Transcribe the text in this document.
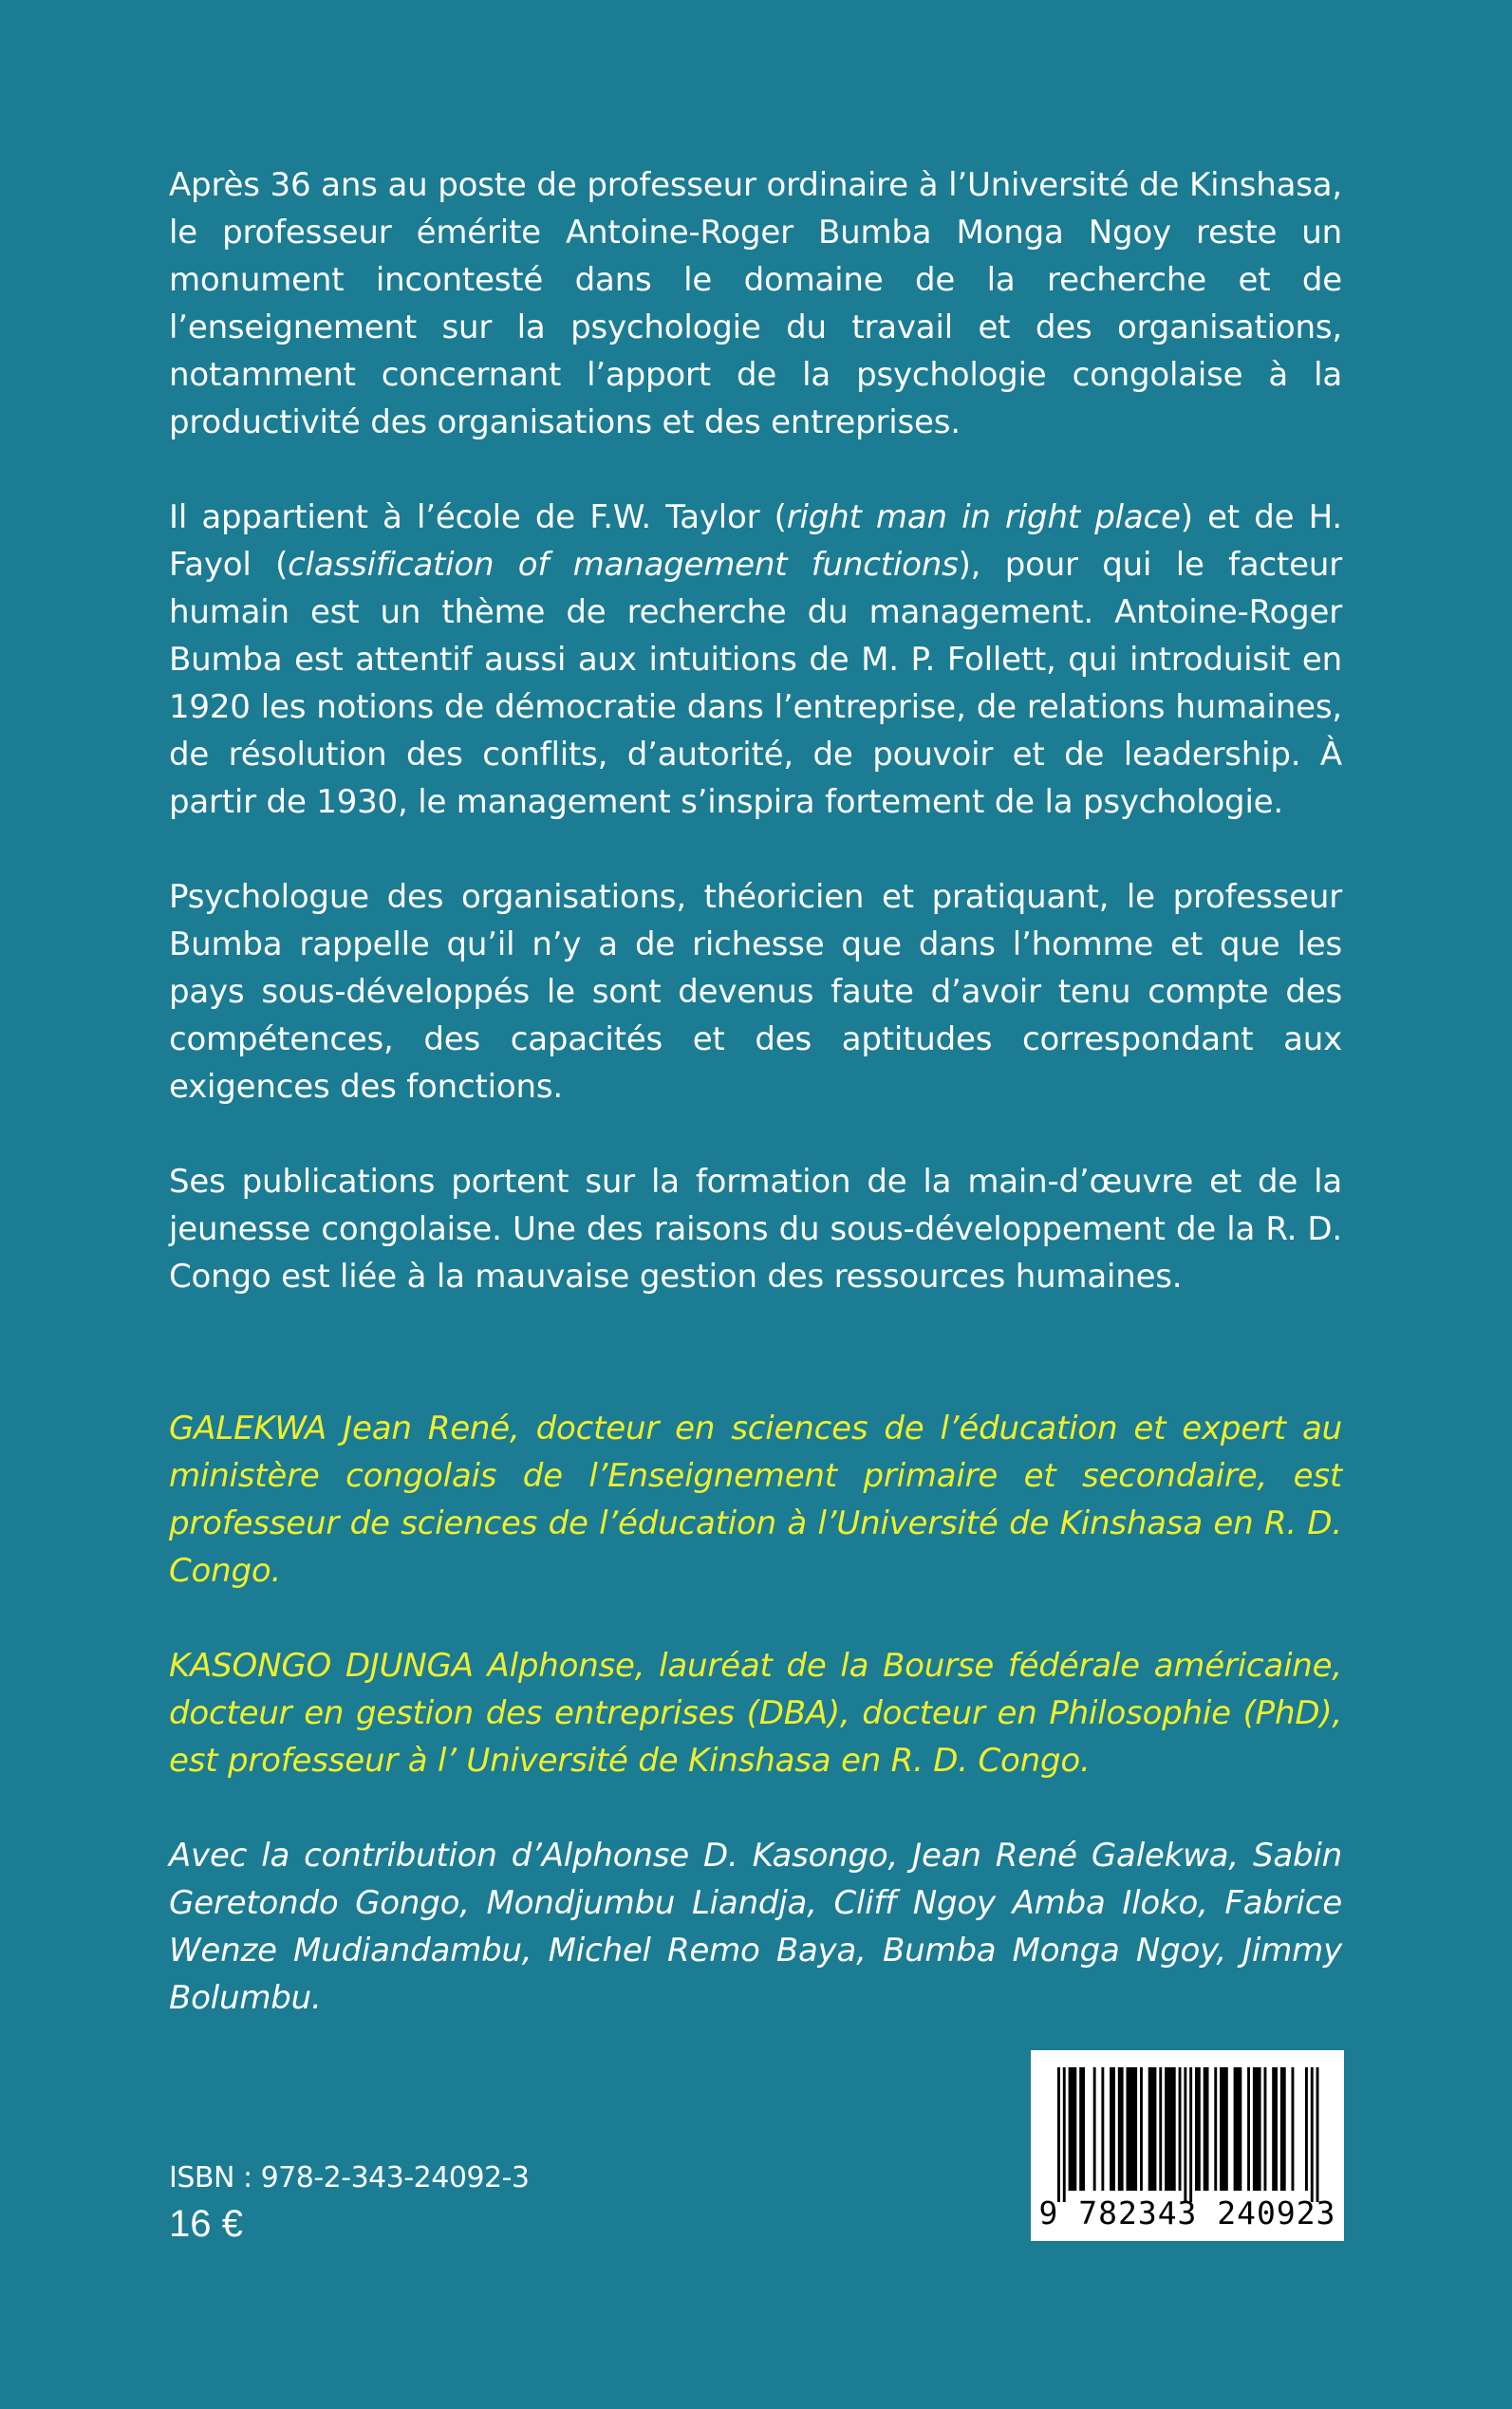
Après 36 ans au poste de professeur ordinaire à l’Université de Kinshasa, le professeur émérite Antoine-Roger Bumba Monga Ngoy reste un monument incontesté dans le domaine de la recherche et de l’enseignement sur la psychologie du travail et des organisations, notamment concernant l’apport de la psychologie congolaise à la productivité des organisations et des entreprises.

Il appartient à l’école de F.W. Taylor (right man in right place) et de H. Fayol (classification of management functions), pour qui le facteur humain est un thème de recherche du management. Antoine-Roger Bumba est attentif aussi aux intuitions de M. P. Follett, qui introduisit en 1920 les notions de démocratie dans l’entreprise, de relations humaines, de résolution des conflits, d’autorité, de pouvoir et de leadership. À partir de 1930, le management s’inspira fortement de la psychologie.

Psychologue des organisations, théoricien et pratiquant, le professeur Bumba rappelle qu’il n’y a de richesse que dans l’homme et que les pays sous-développés le sont devenus faute d’avoir tenu compte des compétences, des capacités et des aptitudes correspondant aux exigences des fonctions.

Ses publications portent sur la formation de la main-d’œuvre et de la jeunesse congolaise. Une des raisons du sous-développement de la R. D. Congo est liée à la mauvaise gestion des ressources humaines.

GALEKWA Jean René, docteur en sciences de l’éducation et expert au ministère congolais de l’Enseignement primaire et secondaire, est professeur de sciences de l’éducation à l’Université de Kinshasa en R. D. Congo.

KASONGO DJUNGA Alphonse, lauréat de la Bourse fédérale américaine, docteur en gestion des entreprises (DBA), docteur en Philosophie (PhD), est professeur à l’ Université de Kinshasa en R. D. Congo.

Avec la contribution d’Alphonse D. Kasongo, Jean René Galekwa, Sabin Geretondo Gongo, Mondjumbu Liandja, Cliff Ngoy Amba Iloko, Fabrice Wenze Mudiandambu, Michel Remo Baya, Bumba Monga Ngoy, Jimmy Bolumbu.

ISBN : 978-2-343-24092-3
16 €	9 782343 240923
